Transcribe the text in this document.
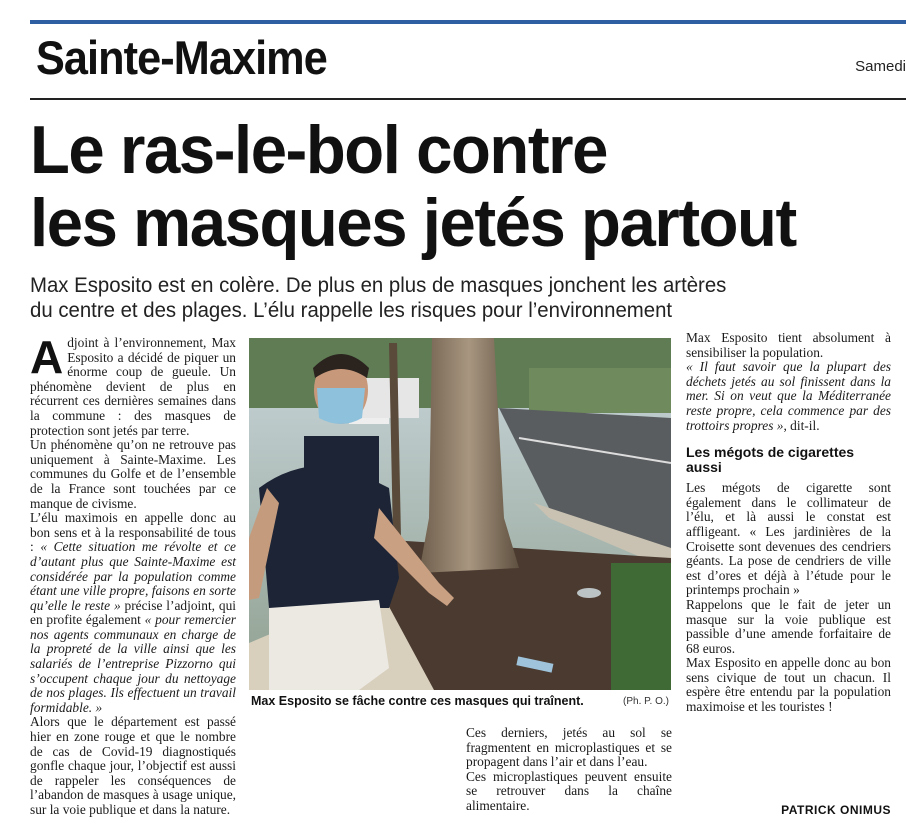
Sainte-Maxime	Samedi
Le ras-le-bol contre
les masques jetés partout
Max Esposito est en colère. De plus en plus de masques jonchent les artères
du centre et des plages. L’élu rappelle les risques pour l’environnement

Adjoint à l’environnement, Max Esposito a décidé de piquer un énorme coup de gueule. Un phénomène devient de plus en récurrent ces dernières semaines dans la commune : des masques de protection sont jetés par terre.

Un phénomène qu’on ne retrouve pas uniquement à Sainte-Maxime. Les communes du Golfe et de l’ensemble de la France sont touchées par ce manque de civisme.

L’élu maximois en appelle donc au bon sens et à la responsabilité de tous : « Cette situation me révolte et ce d’autant plus que Sainte-Maxime est considérée par la population comme étant une ville propre, faisons en sorte qu’elle le reste » précise l’adjoint, qui en profite également « pour remercier nos agents communaux en charge de la propreté de la ville ainsi que les salariés de l’entreprise Pizzorno qui s’occupent chaque jour du nettoyage de nos plages. Ils effectuent un travail formidable. »

Alors que le département est passé hier en zone rouge et que le nombre de cas de Covid-19 diagnostiqués gonfle chaque jour, l’objectif est aussi de rappeler les conséquences de l’abandon de masques à usage unique, sur la voie publique et dans la nature.

Max Esposito se fâche contre ces masques qui traînent.	(Ph. P. O.)

Ces derniers, jetés au sol se fragmentent en microplastiques et se propagent dans l’air et dans l’eau.

Ces microplastiques peuvent ensuite se retrouver dans la chaîne alimentaire.

Max Esposito tient absolument à sensibiliser la population.

« Il faut savoir que la plupart des déchets jetés au sol finissent dans la mer. Si on veut que la Méditerranée reste propre, cela commence par des trottoirs propres », dit-il.

Les mégots de cigarettes aussi

Les mégots de cigarette sont également dans le collimateur de l’élu, et là aussi le constat est affligeant. « Les jardinières de la Croisette sont devenues des cendriers géants. La pose de cendriers de ville est d’ores et déjà à l’étude pour le printemps prochain »

Rappelons que le fait de jeter un masque sur la voie publique est passible d’une amende forfaitaire de 68 euros.

Max Esposito en appelle donc au bon sens civique de tout un chacun. Il espère être entendu par la population maximoise et les touristes !

PATRICK ONIMUS
